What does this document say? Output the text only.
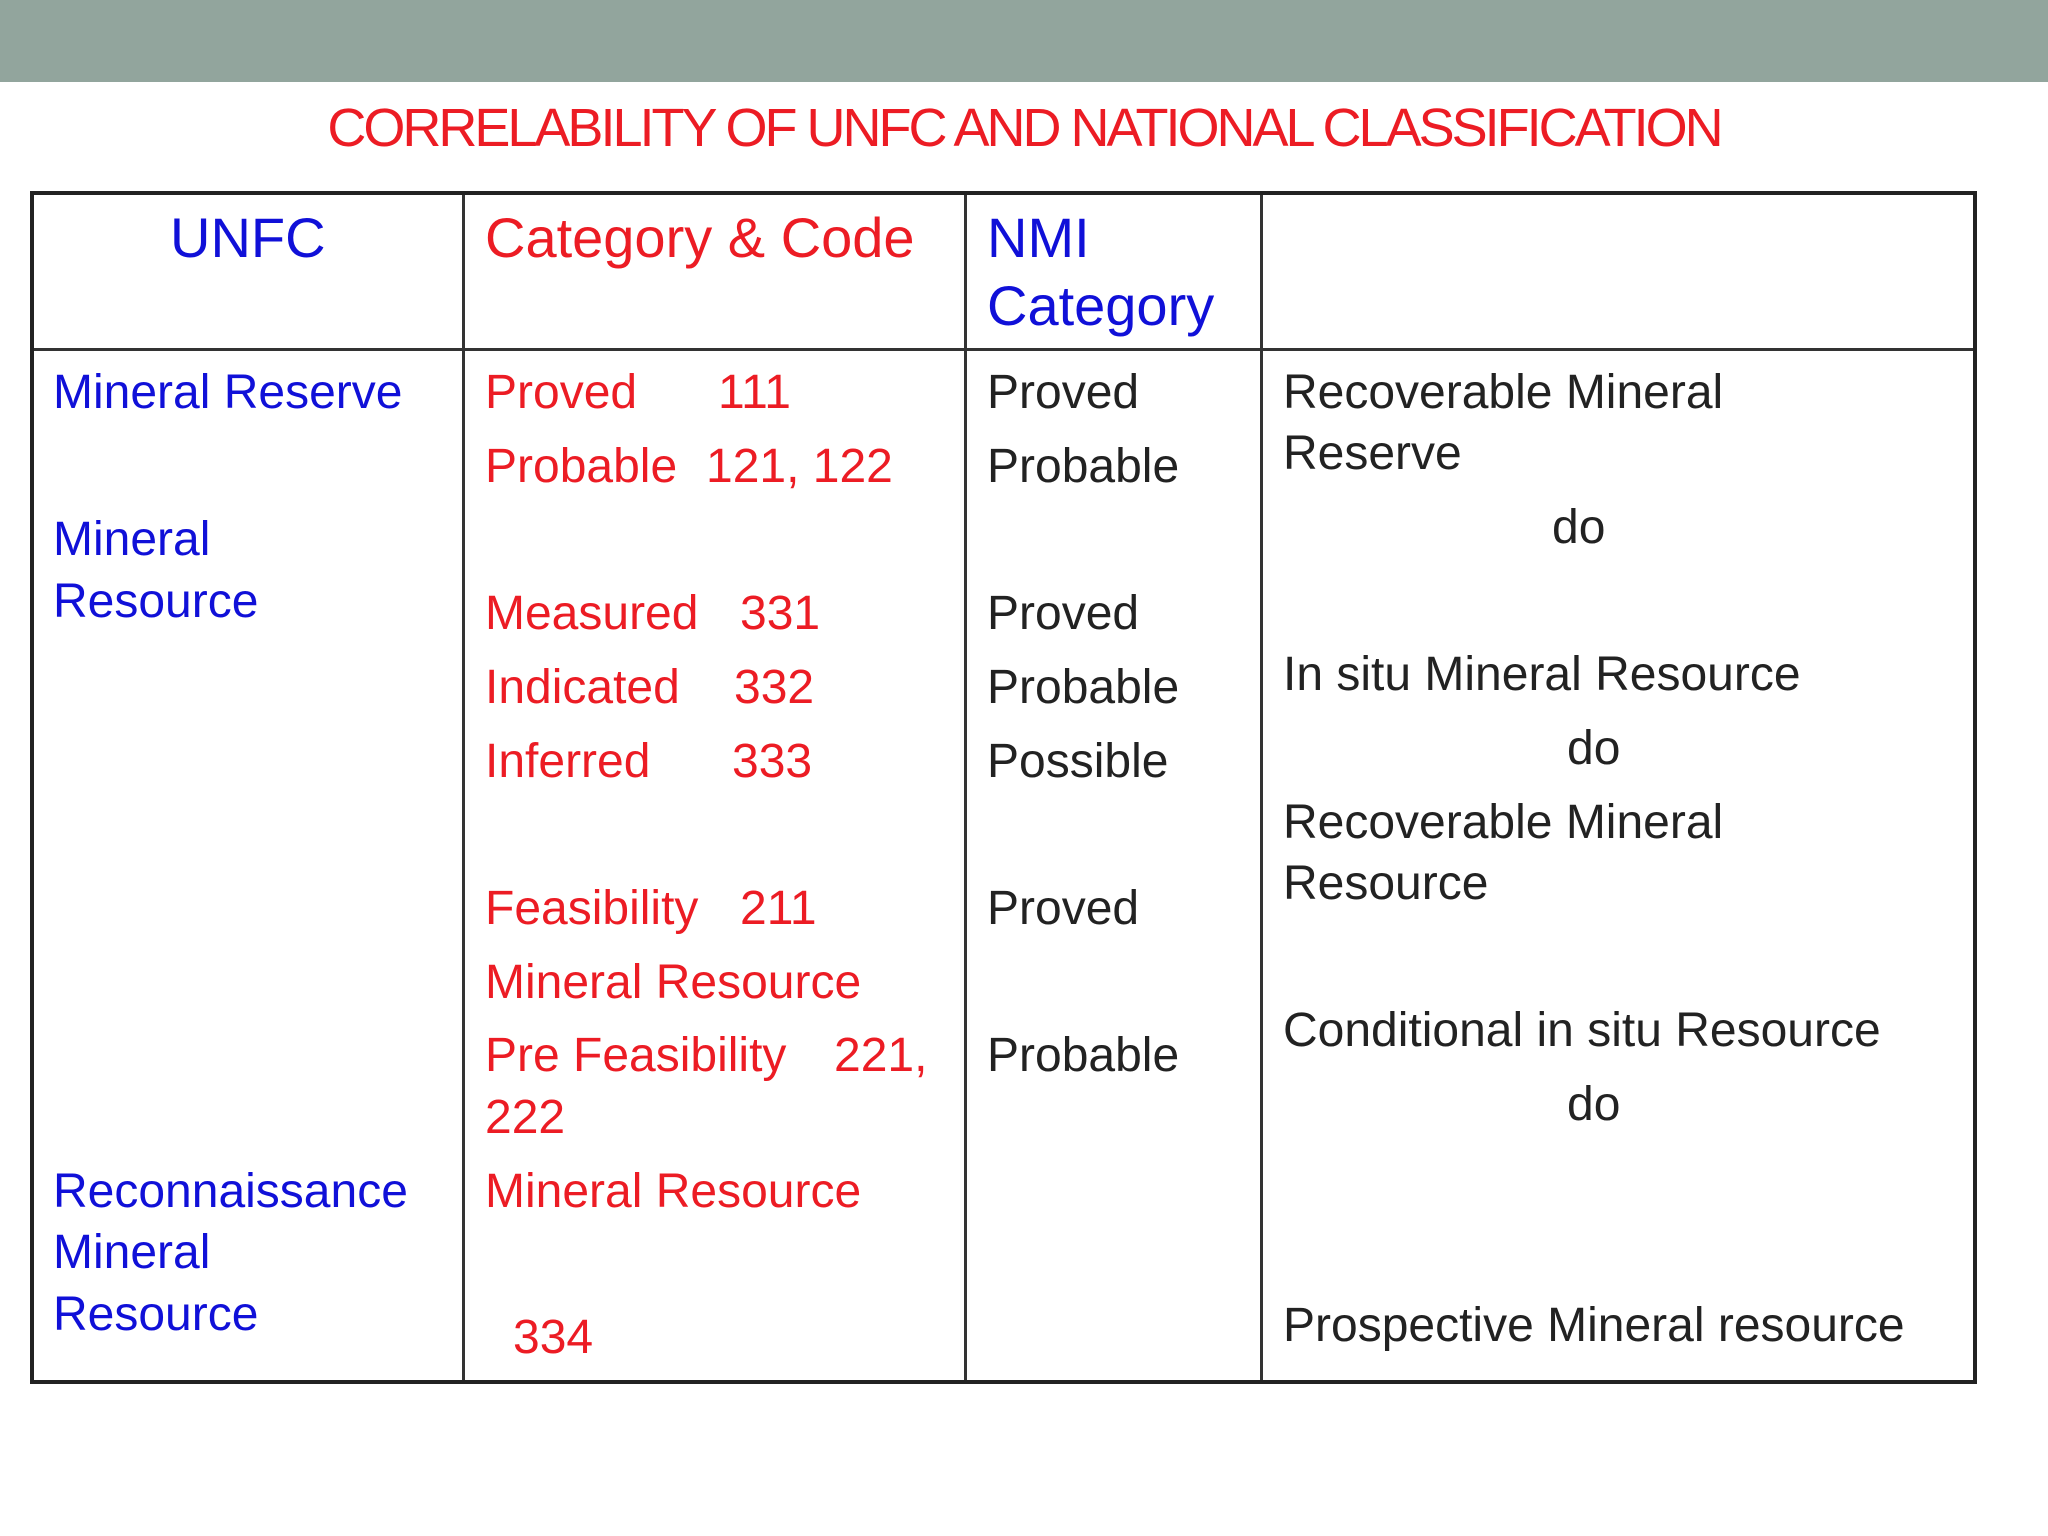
CORRELABILITY OF UNFC AND NATIONAL CLASSIFICATION
UNFC	Category & Code NMI
Category
Mineral Reserve
Mineral
Resource
Reconnaissance
Mineral
Resource
Proved 111
Probable 121, 122
Measured 331
Indicated 332
Inferred 333
Feasibility 211
Mineral Resource
Pre Feasibility 221,
222
Mineral Resource
334
Proved
Probable
Proved
Probable
Possible
Proved
Probable
Recoverable Mineral
Reserve
do
In situ Mineral Resource
do
Recoverable Mineral
Resource
Conditional in situ Resource
do
Prospective Mineral resource
